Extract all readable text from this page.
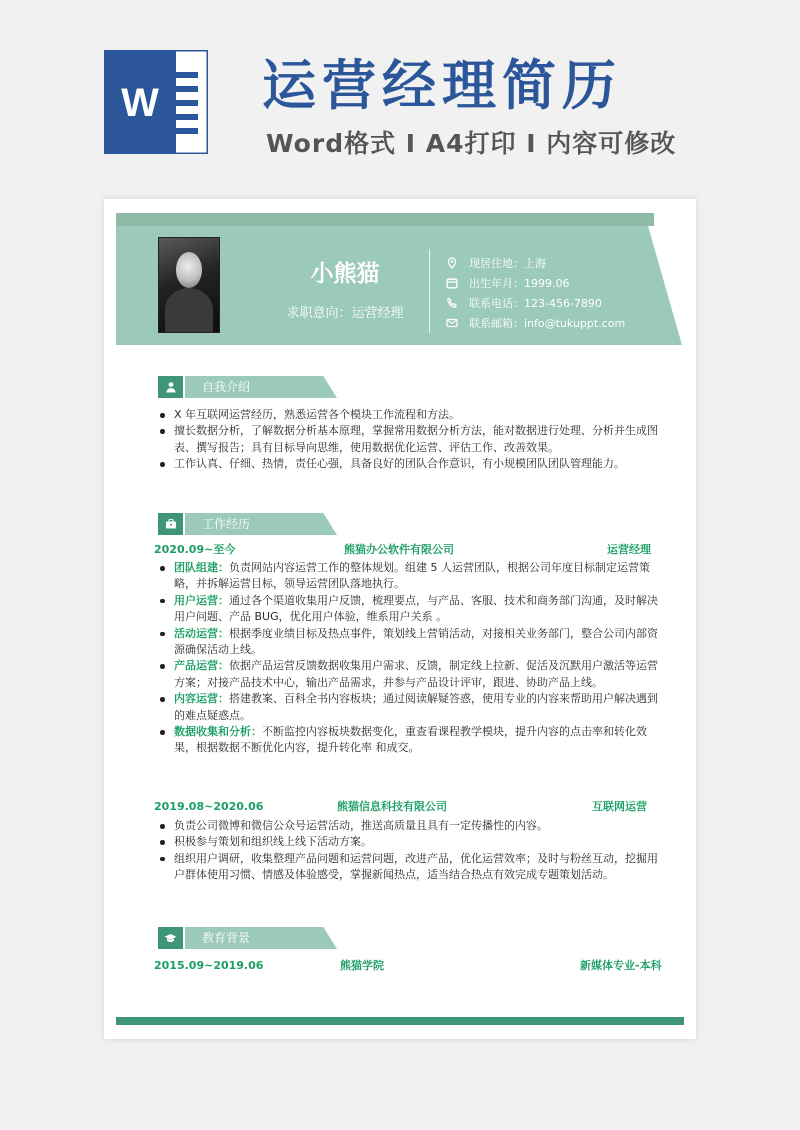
W 运营经理简历
Word格式 I A4打印 I 内容可修改
小熊猫
求职意向：运营经理
现居住地：上海
出生年月：1999.06
联系电话：123-456-7890
联系邮箱：info@tukuppt.com
自我介绍
X 年互联网运营经历，熟悉运营各个模块工作流程和方法。
擅长数据分析，了解数据分析基本原理，掌握常用数据分析方法，能对数据进行处理、分析并生成图表、撰写报告；具有目标导向思维，使用数据优化运营、评估工作、改善效果。
工作认真、仔细、热情，责任心强，具备良好的团队合作意识，有小规模团队团队管理能力。
工作经历
2020.09~至今	熊猫办公软件有限公司	运营经理
团队组建：负责网站内容运营工作的整体规划。组建 5 人运营团队，根据公司年度目标制定运营策略，并拆解运营目标，领导运营团队落地执行。
用户运营：通过各个渠道收集用户反馈，梳理要点，与产品、客服、技术和商务部门沟通，及时解决用户问题、产品 BUG，优化用户体验，维系用户关系 。
活动运营：根据季度业绩目标及热点事件，策划线上营销活动，对接相关业务部门，整合公司内部资源确保活动上线。
产品运营：依据产品运营反馈数据收集用户需求、反馈，制定线上拉新、促活及沉默用户激活等运营方案；对接产品技术中心，输出产品需求，并参与产品设计评审，跟进、协助产品上线。
内容运营：搭建教案、百科全书内容板块；通过阅读解疑答惑，使用专业的内容来帮助用户解决遇到的难点疑惑点。
数据收集和分析：不断监控内容板块数据变化，重查看课程教学模块，提升内容的点击率和转化效果，根据数据不断优化内容，提升转化率 和成交。
2019.08~2020.06	熊猫信息科技有限公司	互联网运营
负责公司微博和微信公众号运营活动，推送高质量且具有一定传播性的内容。
积极参与策划和组织线上线下活动方案。
组织用户调研，收集整理产品问题和运营问题，改进产品，优化运营效率；及时与粉丝互动，挖掘用户群体使用习惯、情感及体验感受，掌握新闻热点，适当结合热点有效完成专题策划活动。
教育背景
2015.09~2019.06	熊猫学院	新媒体专业-本科
